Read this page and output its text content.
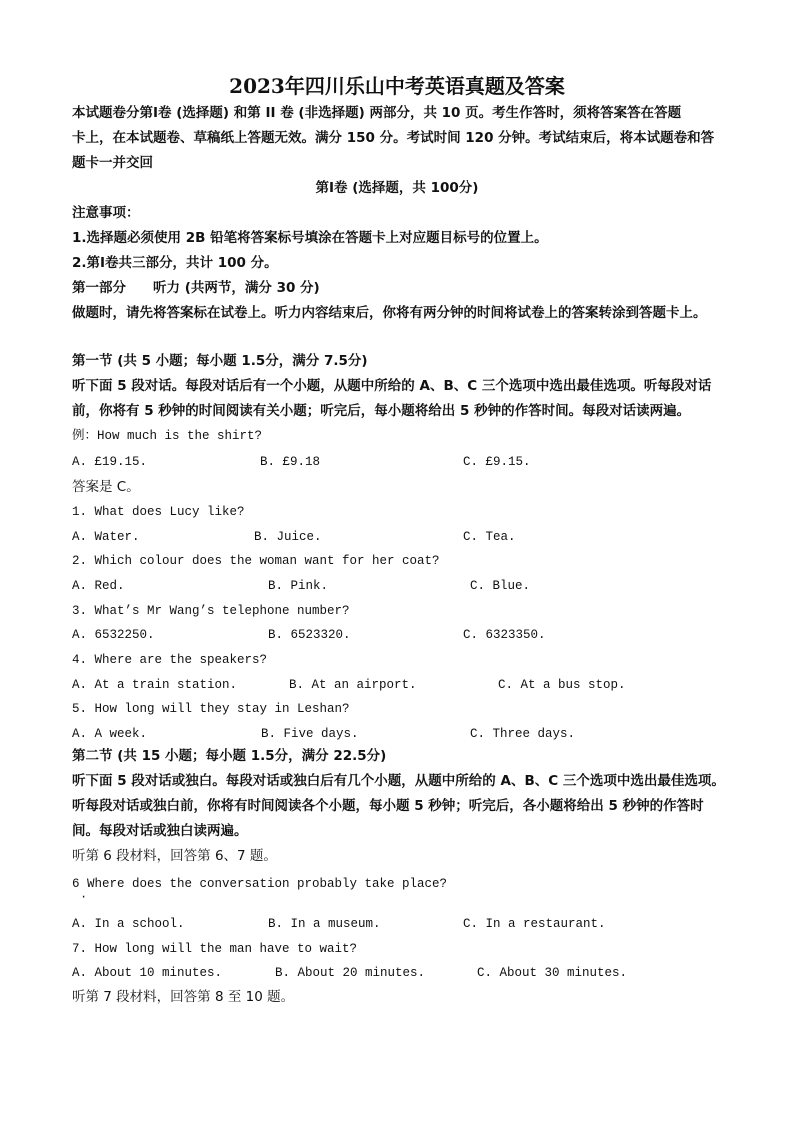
2023年四川乐山中考英语真题及答案
本试题卷分第Ⅰ卷 (选择题) 和第 II 卷 (非选择题) 两部分，共 10 页。考生作答时，须将答案答在答题
卡上，在本试题卷、草稿纸上答题无效。满分 150 分。考试时间 120 分钟。考试结束后，将本试题卷和答
题卡一并交回
第Ⅰ卷 (选择题，共 100分)
注意事项：
1.选择题必须使用 2B 铅笔将答案标号填涂在答题卡上对应题目标号的位置上。
2.第Ⅰ卷共三部分，共计 100 分。
第一部分　　听力 (共两节，满分 30 分)
做题时，请先将答案标在试卷上。听力内容结束后，你将有两分钟的时间将试卷上的答案转涂到答题卡上。
第一节 (共 5 小题；每小题 1.5分，满分 7.5分)
听下面 5 段对话。每段对话后有一个小题，从题中所给的 A、B、C 三个选项中选出最佳选项。听每段对话
前，你将有 5 秒钟的时间阅读有关小题；听完后，每小题将给出 5 秒钟的作答时间。每段对话读两遍。
例：How much is the shirt?
A. £19.15.	B. £9.18	C. £9.15.
答案是 C。
1. What does Lucy like?
A. Water.	B. Juice.	C. Tea.
2. Which colour does the woman want for her coat?
A. Red.	B. Pink.	C. Blue.
3. What’s Mr Wang’s telephone number?
A. 6532250.	B. 6523320.	C. 6323350.
4. Where are the speakers?
A. At a train station.	B. At an airport.	C. At a bus stop.
5. How long will they stay in Leshan?
A. A week.	B. Five days.	C. Three days.
第二节 (共 15 小题；每小题 1.5分，满分 22.5分)
听下面 5 段对话或独白。每段对话或独白后有几个小题，从题中所给的 A、B、C 三个选项中选出最佳选项。
听每段对话或独白前，你将有时间阅读各个小题，每小题 5 秒钟；听完后，各小题将给出 5 秒钟的作答时
间。每段对话或独白读两遍。
听第 6 段材料，回答第 6、7 题。
6 Where does the conversation probably take place?
·
A. In a school.	B. In a museum.	C. In a restaurant.
7. How long will the man have to wait?
A. About 10 minutes.	B. About 20 minutes.	C. About 30 minutes.
听第 7 段材料，回答第 8 至 10 题。
